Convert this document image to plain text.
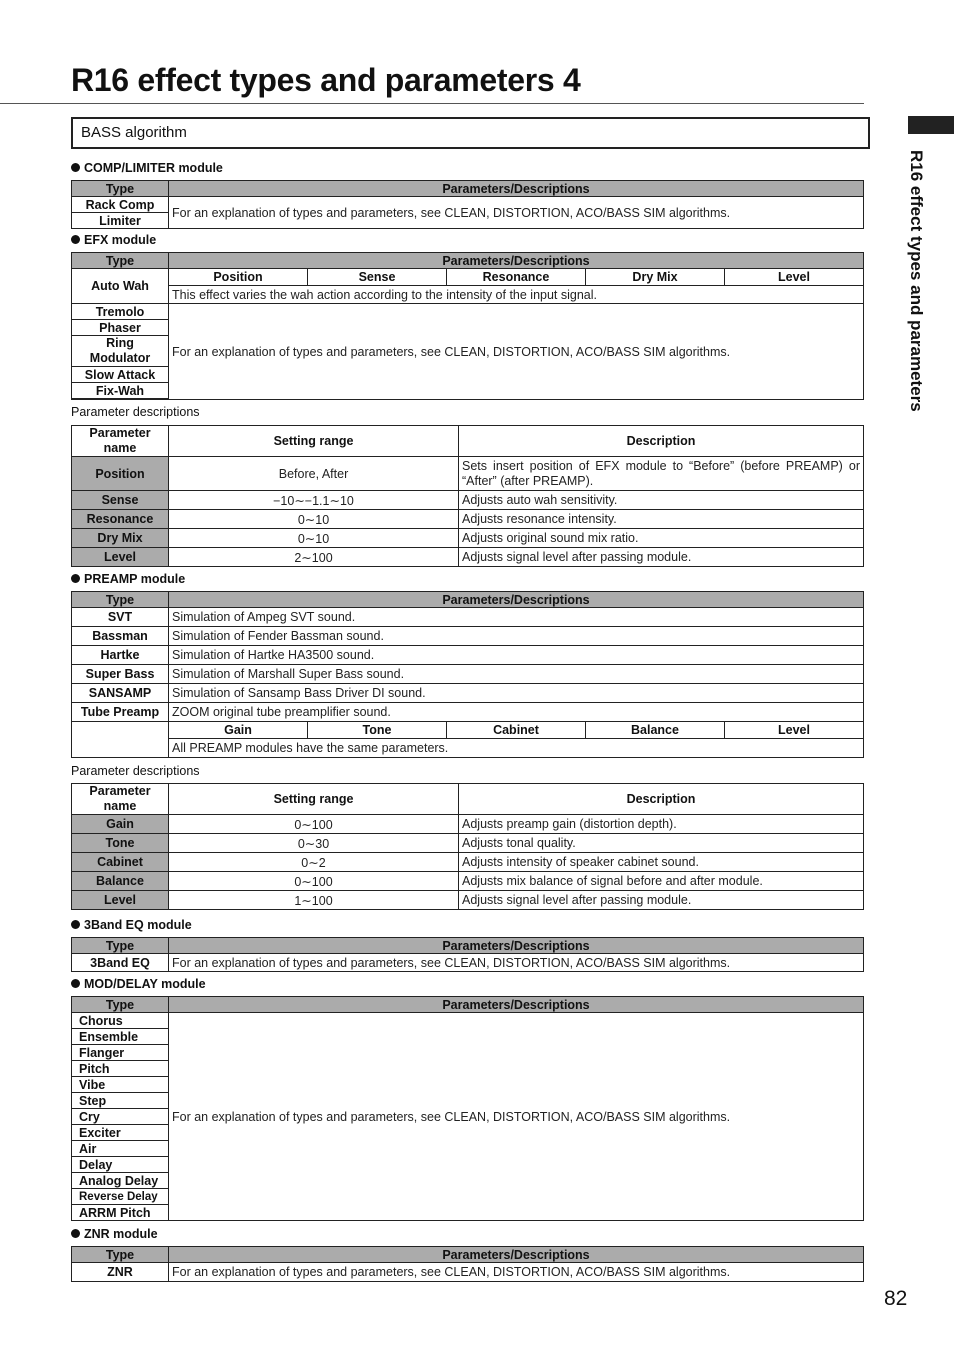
R16 effect types and parameters 4
R16 effect types and parameters
BASS algorithm
COMP/LIMITER module
Type	Parameters/Descriptions
Rack Comp	For an explanation of types and parameters, see CLEAN, DISTORTION, ACO/BASS SIM algorithms.
Limiter	
EFX module
Type	Parameters/Descriptions				
Auto Wah	Position	Sense	Resonance	Dry Mix	Level
	This effect varies the wah action according to the intensity of the input signal.				
Tremolo	For an explanation of types and parameters, see CLEAN, DISTORTION, ACO/BASS SIM algorithms.				
Phaser					
Ring Modulator					
Slow Attack					
Fix-Wah					

Parameter descriptions
Parameter name	Setting range	Description
Position	Before, After	Sets insert position of EFX module to “Before” (before PREAMP) or “After” (after PREAMP).
Sense	−10∼−1.1∼10	Adjusts auto wah sensitivity.
Resonance	0∼10	Adjusts resonance intensity.
Dry Mix	0∼10	Adjusts original sound mix ratio.
Level	2∼100	Adjusts signal level after passing module.
PREAMP module
Type	Parameters/Descriptions				
SVT	Simulation of Ampeg SVT sound.				
Bassman	Simulation of Fender Bassman sound.				
Hartke	Simulation of Hartke HA3500 sound.				
Super Bass	Simulation of Marshall Super Bass sound.				
SANSAMP	Simulation of Sansamp Bass Driver DI sound.				
Tube Preamp	ZOOM original tube preamplifier sound.				
	Gain	Tone	Cabinet	Balance	Level
	All PREAMP modules have the same parameters.				
Parameter descriptions
Parameter name	Setting range	Description
Gain	0∼100	Adjusts preamp gain (distortion depth).
Tone	0∼30	Adjusts tonal quality.
Cabinet	0∼2	Adjusts intensity of speaker cabinet sound.
Balance	0∼100	Adjusts mix balance of signal before and after module.
Level	1∼100	Adjusts signal level after passing module.
3Band EQ module
Type	Parameters/Descriptions
3Band EQ	For an explanation of types and parameters, see CLEAN, DISTORTION, ACO/BASS SIM algorithms.
MOD/DELAY module
Type	Parameters/Descriptions
Chorus	For an explanation of types and parameters, see CLEAN, DISTORTION, ACO/BASS SIM algorithms.
Ensemble	
Flanger	
Pitch	
Vibe	
Step	
Cry	
Exciter	
Air	
Delay	
Analog Delay	
Reverse Delay	
ARRM Pitch	
ZNR module
Type	Parameters/Descriptions
ZNR	For an explanation of types and parameters, see CLEAN, DISTORTION, ACO/BASS SIM algorithms.
82
